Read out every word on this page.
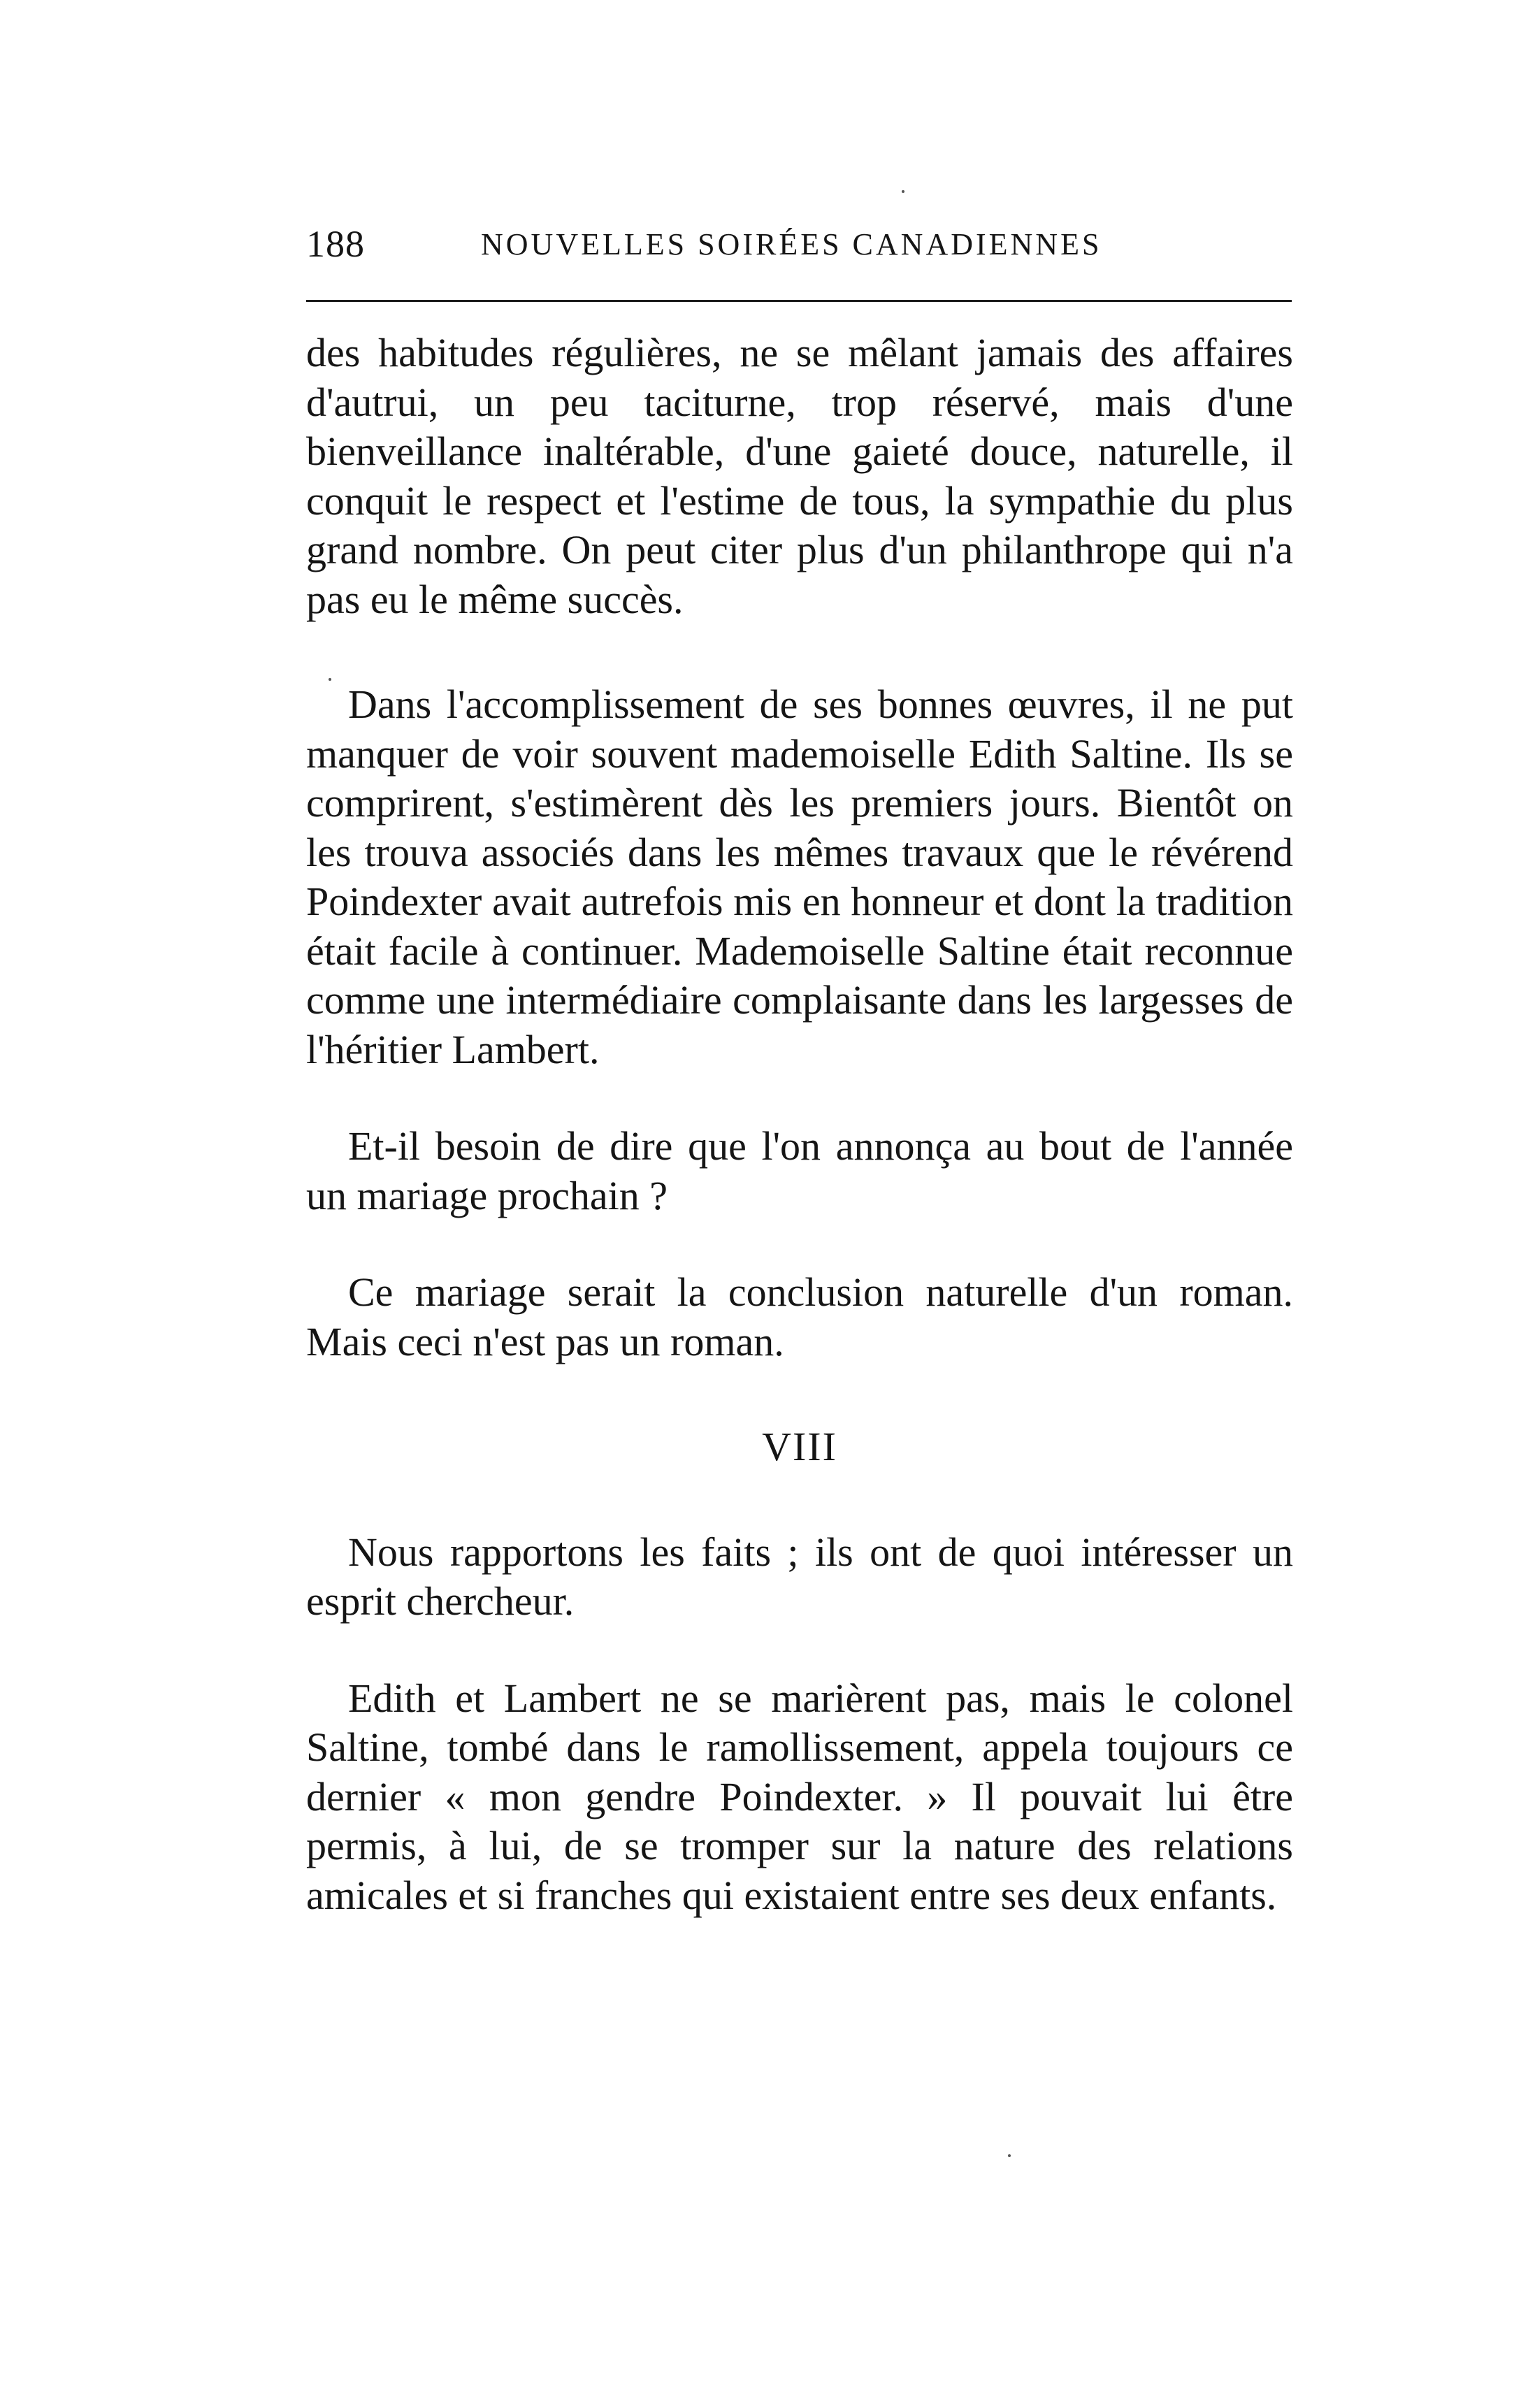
188	NOUVELLES SOIRÉES CANADIENNES

des habitudes régulières, ne se mêlant jamais des affaires d'autrui, un peu taciturne, trop réservé, mais d'une bienveillance inaltérable, d'une gaieté douce, naturelle, il conquit le respect et l'estime de tous, la sympathie du plus grand nombre. On peut citer plus d'un philanthrope qui n'a pas eu le même succès.

Dans l'accomplissement de ses bonnes œuvres, il ne put manquer de voir souvent mademoiselle Edith Saltine. Ils se comprirent, s'estimèrent dès les premiers jours. Bientôt on les trouva associés dans les mêmes travaux que le révérend Poindexter avait autrefois mis en honneur et dont la tradition était facile à continuer. Mademoiselle Saltine était reconnue comme une intermédiaire complaisante dans les largesses de l'héritier Lambert.

Et-il besoin de dire que l'on annonça au bout de l'année un mariage prochain ?

Ce mariage serait la conclusion naturelle d'un roman. Mais ceci n'est pas un roman.

VIII

Nous rapportons les faits ; ils ont de quoi intéresser un esprit chercheur.

Edith et Lambert ne se marièrent pas, mais le colonel Saltine, tombé dans le ramollissement, appela toujours ce dernier « mon gendre Poindexter. » Il pouvait lui être permis, à lui, de se tromper sur la nature des relations amicales et si franches qui existaient entre ses deux enfants.
